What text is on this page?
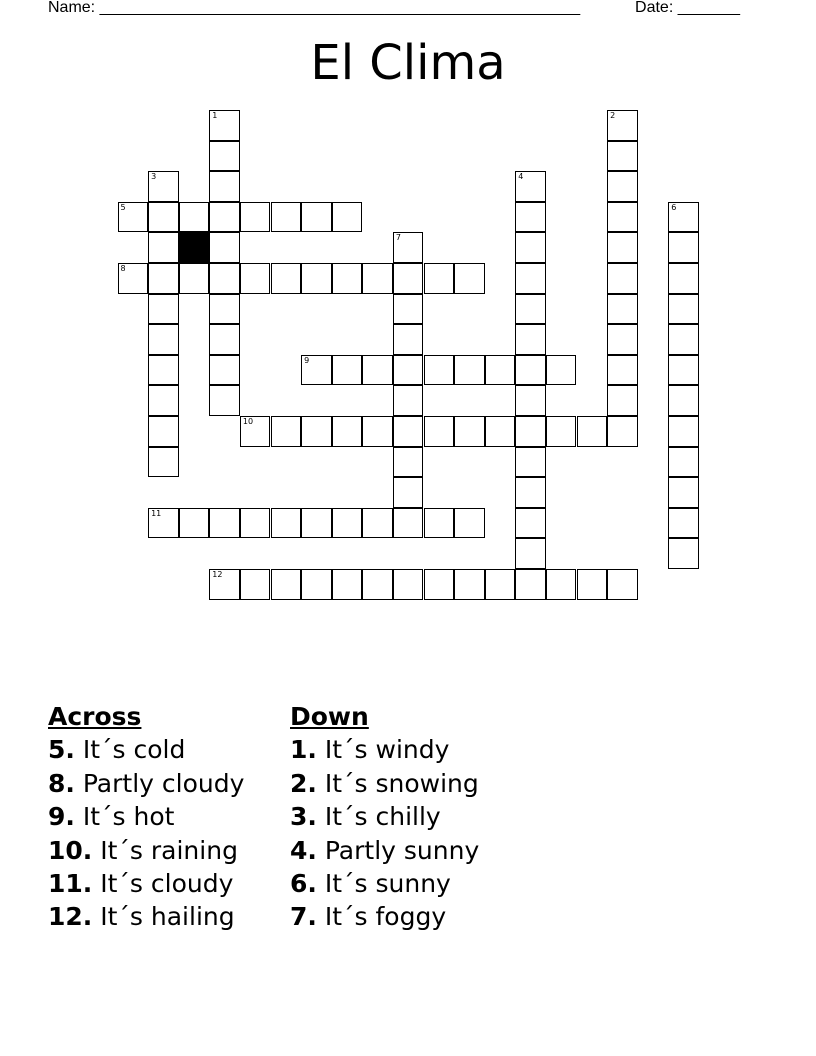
Name: ______________________________________________________	Date: _______
El Clima
1	2
3	4
5	6
7
8
9
10
11
12
Across
5. It´s cold
8. Partly cloudy
9. It´s hot
10. It´s raining
11. It´s cloudy
12. It´s hailing
Down
1. It´s windy
2. It´s snowing
3. It´s chilly
4. Partly sunny
6. It´s sunny
7. It´s foggy
